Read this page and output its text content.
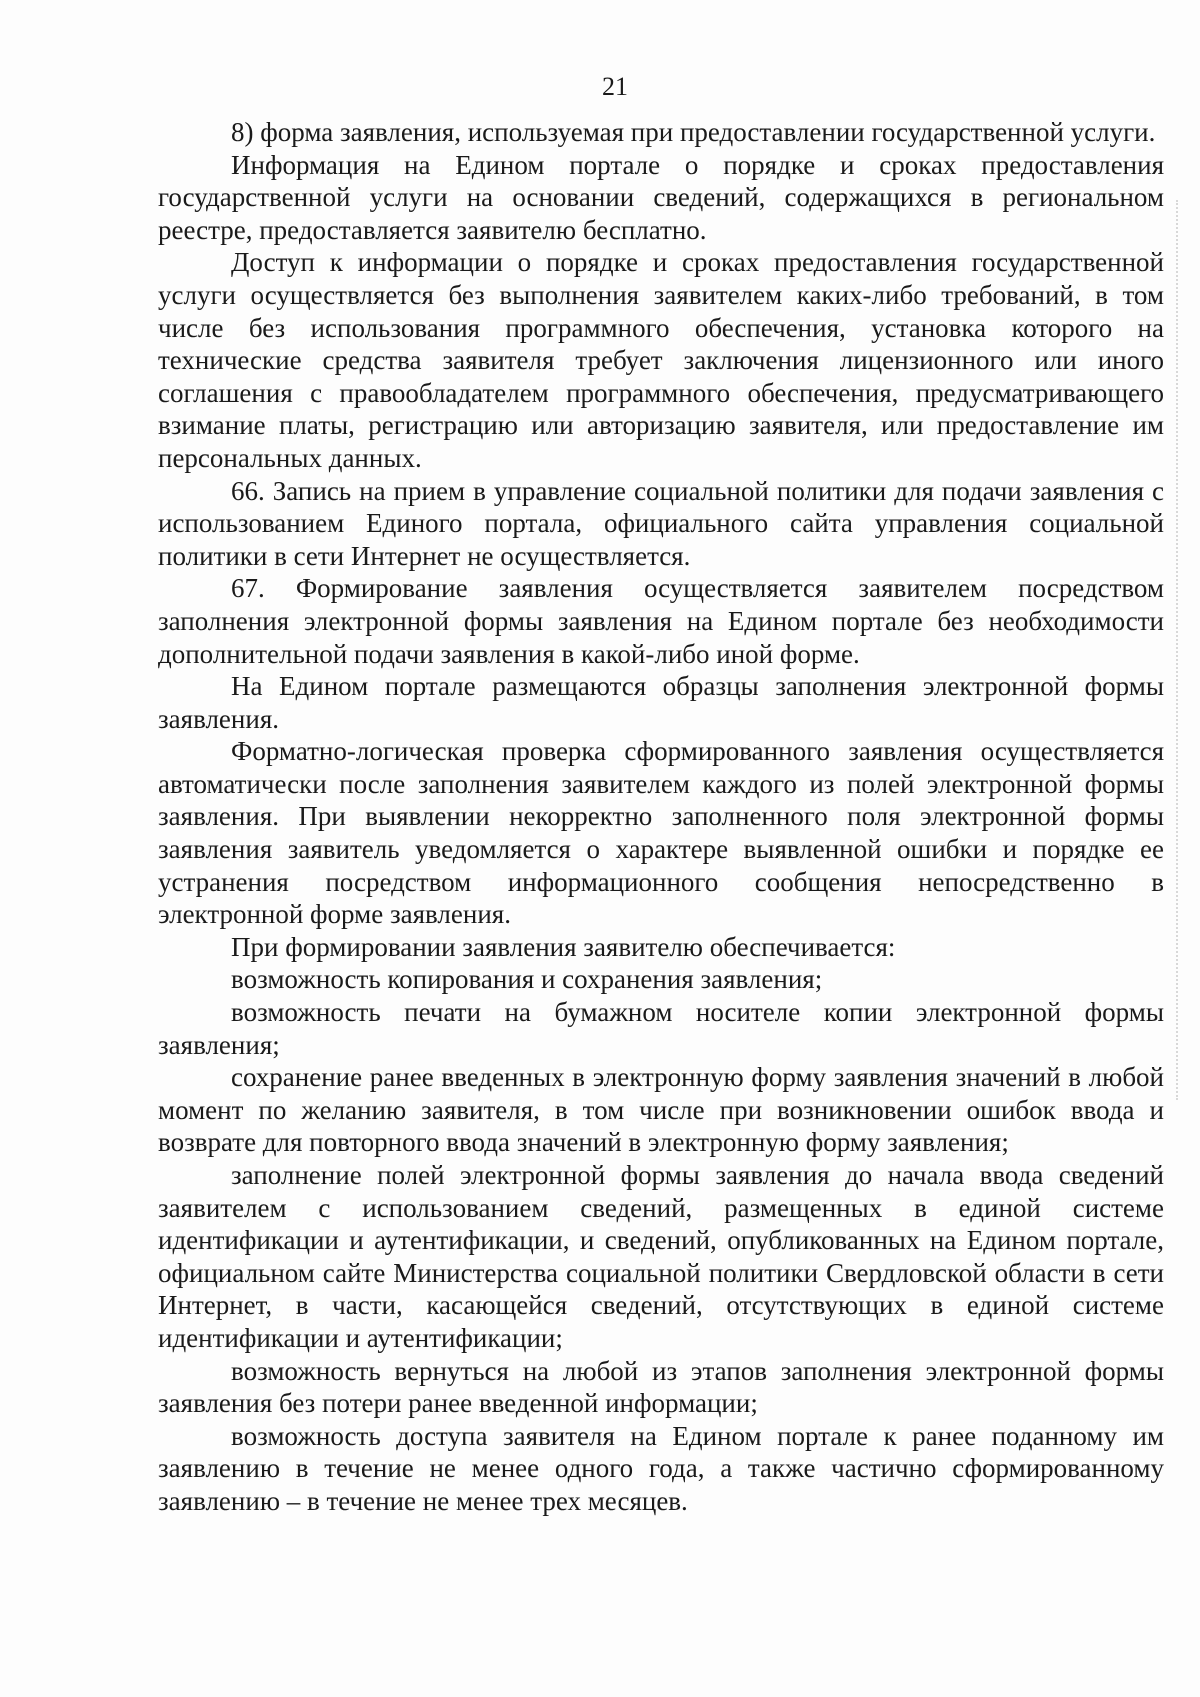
21

8) форма заявления, используемая при предоставлении государственной услуги.

Информация на Едином портале о порядке и сроках предоставления государственной услуги на основании сведений, содержащихся в региональном реестре, предоставляется заявителю бесплатно.

Доступ к информации о порядке и сроках предоставления государственной услуги осуществляется без выполнения заявителем каких-либо требований, в том числе без использования программного обеспечения, установка которого на технические средства заявителя требует заключения лицензионного или иного соглашения с правообладателем программного обеспечения, предусматривающего взимание платы, регистрацию или авторизацию заявителя, или предоставление им персональных данных.

66. Запись на прием в управление социальной политики для подачи заявления с использованием Единого портала, официального сайта управления социальной политики в сети Интернет не осуществляется.

67. Формирование заявления осуществляется заявителем посредством заполнения электронной формы заявления на Едином портале без необходимости дополнительной подачи заявления в какой-либо иной форме.

На Едином портале размещаются образцы заполнения электронной формы заявления.

Форматно-логическая проверка сформированного заявления осуществляется автоматически после заполнения заявителем каждого из полей электронной формы заявления. При выявлении некорректно заполненного поля электронной формы заявления заявитель уведомляется о характере выявленной ошибки и порядке ее устранения посредством информационного сообщения непосредственно в электронной форме заявления.

При формировании заявления заявителю обеспечивается:

возможность копирования и сохранения заявления;

возможность печати на бумажном носителе копии электронной формы заявления;

сохранение ранее введенных в электронную форму заявления значений в любой момент по желанию заявителя, в том числе при возникновении ошибок ввода и возврате для повторного ввода значений в электронную форму заявления;

заполнение полей электронной формы заявления до начала ввода сведений заявителем с использованием сведений, размещенных в единой системе идентификации и аутентификации, и сведений, опубликованных на Едином портале, официальном сайте Министерства социальной политики Свердловской области в сети Интернет, в части, касающейся сведений, отсутствующих в единой системе идентификации и аутентификации;

возможность вернуться на любой из этапов заполнения электронной формы заявления без потери ранее введенной информации;

возможность доступа заявителя на Едином портале к ранее поданному им заявлению в течение не менее одного года, а также частично сформированному заявлению – в течение не менее трех месяцев.
